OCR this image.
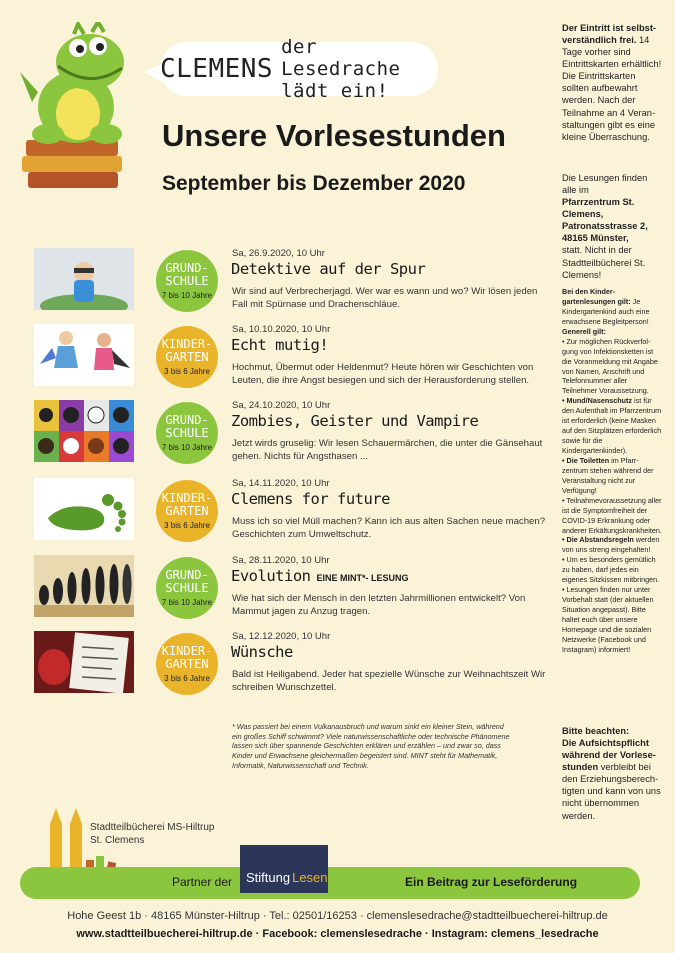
CLEMENS
der Lesedrache lädt ein!
Unsere Vorlesestunden
September bis Dezember 2020
Der Eintritt ist selbstverständlich frei. 14 Tage vorher sind Eintrittskarten erhältlich! Die Eintrittskarten sollten aufbewahrt werden. Nach der Teilnahme an 4 Veranstaltungen gibt es eine kleine Überraschung.
Die Lesungen finden alle im
Pfarrzentrum St. Clemens, Patronatsstrasse 2, 48165 Münster,
statt. Nicht in der Stadtteilbücherei St. Clemens!
Bei den Kindergartenlesungen gilt: Je Kindergartenkind auch eine erwachsene Begleitperson!
Generell gilt:
• Zur möglichen Rückverfolgung von Infektionsketten ist die Voranmeldung mit Angabe von Namen, Anschrift und Telefonnummer aller Teilnehmer Voraussetzung.
• Mund/Nasenschutz ist für den Aufenthalt im Pfarrzentrum ist erforderlich (keine Masken auf den Sitzplätzen erforderlich sowie für die Kindergartenkinder).
• Die Toiletten im Pfarrzentrum stehen während der Veranstaltung nicht zur Verfügung!
• Teilnahmevoraussetzung aller ist die Symptomfreiheit der COVID-19 Erkrankung oder anderer Erkältungskrankheiten.
• Die Abstandsregeln werden von uns streng eingehalten!
• Um es besonders gemütlich zu haben, darf jedes ein eigenes Sitzkissen mitbringen.
• Lesungen finden nur unter Vorbehalt statt (der aktuellen Situation angepasst). Bitte haltet euch über unsere Homepage und die sozialen Netzwerke (Facebook und Instagram) informiert!
Bitte beachten:
Die Aufsichtspflicht während der Vorlesestunden verbleibt bei den Erziehungsberechtigten und kann von uns nicht übernommen werden.
GRUND-
SCHULE
7 bis 10 Jahre
Sa, 26.9.2020, 10 Uhr
Detektive auf der Spur
Wir sind auf Verbrecherjagd. Wer war es wann und wo? Wir lösen jeden Fall mit Spürnase und Drachenschläue.
KINDER-
GARTEN
3 bis 6 Jahre
Sa, 10.10.2020, 10 Uhr
Echt mutig!
Hochmut, Übermut oder Heldenmut? Heute hören wir Geschichten von Leuten, die ihre Angst besiegen und sich der Herausforderung stellen.
GRUND-
SCHULE
7 bis 10 Jahre
Sa, 24.10.2020, 10 Uhr
Zombies, Geister und Vampire
Jetzt wirds gruselig: Wir lesen Schauermärchen, die unter die Gänsehaut gehen. Nichts für Angsthasen ...
KINDER-
GARTEN
3 bis 6 Jahre
Sa, 14.11.2020, 10 Uhr
Clemens for future
Muss ich so viel Müll machen? Kann ich aus alten Sachen neue machen? Geschichten zum Umweltschutz.
GRUND-
SCHULE
7 bis 10 Jahre
Sa, 28.11.2020, 10 Uhr
Evolution EINE MINT*- LESUNG
Wie hat sich der Mensch in den letzten Jahrmillionen entwickelt? Von Mammut jagen zu Anzug tragen.
KINDER-
GARTEN
3 bis 6 Jahre
Sa, 12.12.2020, 10 Uhr
Wünsche
Bald ist Heiligabend. Jeder hat spezielle Wünsche zur Weihnachtszeit Wir schreiben Wunschzettel.
* Was passiert bei einem Vulkanausbruch und warum sinkt ein kleiner Stein, während ein großes Schiff schwimmt? Viele naturwissenschaftliche oder technische Phänomene lassen sich über spannende Geschichten erklären und erzählen – und zwar so, dass Kinder und Erwachsene gleichermaßen begeistert sind. MINT steht für Mathematik, Informatik, Naturwissenschaft und Technik.
Stadtteilbücherei MS-Hiltrup
St. Clemens
Partner der Stiftung Lesen	Ein Beitrag zur Leseförderung
Hohe Geest 1b · 48165 Münster-Hiltrup · Tel.: 02501/16253 · clemenslesedrache@stadtteilbuecherei-hiltrup.de
www.stadtteilbuecherei-hiltrup.de · Facebook: clemenslesedrache · Instagram: clemens_lesedrache
